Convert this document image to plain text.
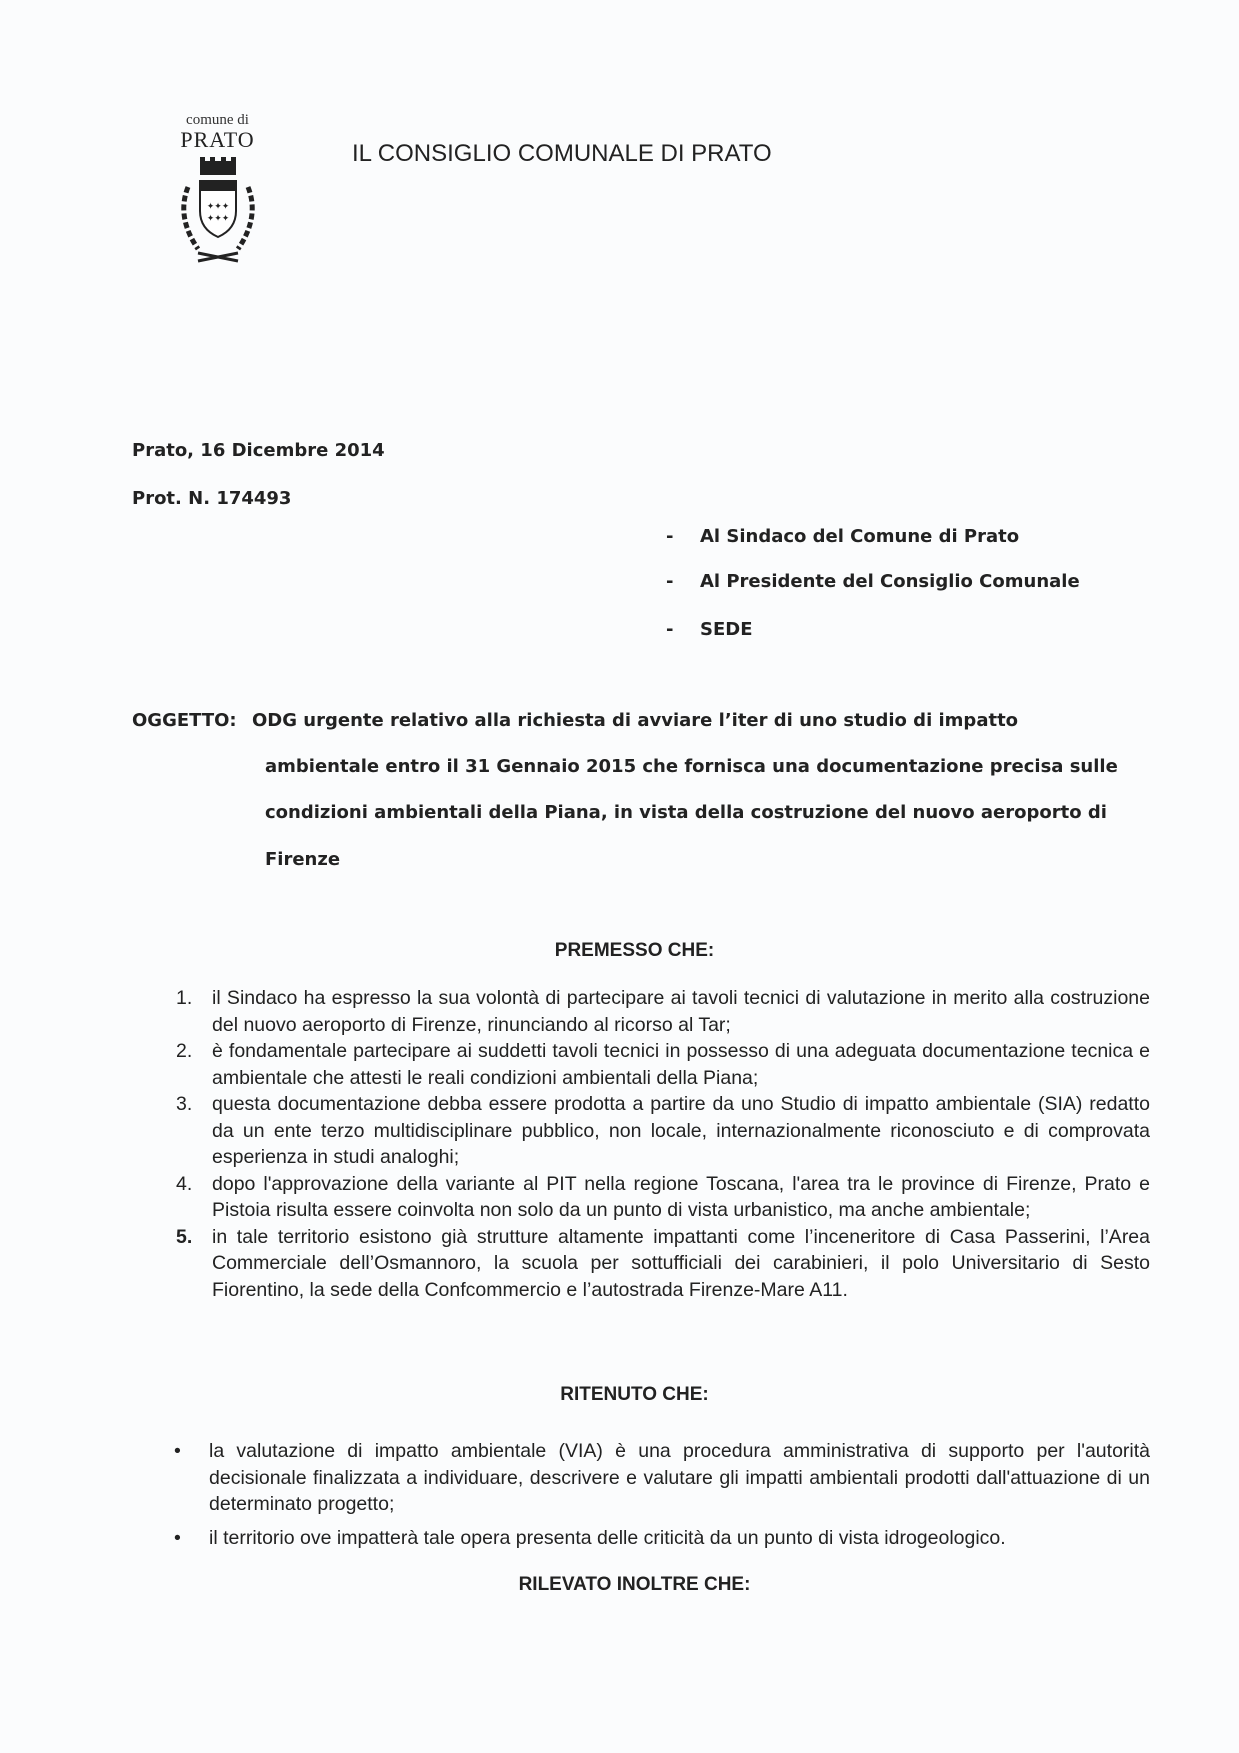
comune di
PRATO
✦✦✦
✦✦✦
IL CONSIGLIO COMUNALE DI PRATO
Prato, 16 Dicembre 2014
Prot. N. 174493
- Al Sindaco del Comune di Prato
- Al Presidente del Consiglio Comunale
- SEDE
OGGETTO: ODG urgente relativo alla richiesta di avviare l’iter di uno studio di impatto
ambientale entro il 31 Gennaio 2015 che fornisca una documentazione precisa sulle
condizioni ambientali della Piana, in vista della costruzione del nuovo aeroporto di
Firenze
PREMESSO CHE:
1. il Sindaco ha espresso la sua volontà di partecipare ai tavoli tecnici di valutazione in merito alla costruzione del nuovo aeroporto di Firenze, rinunciando al ricorso al Tar;
2. è fondamentale partecipare ai suddetti tavoli tecnici in possesso di una adeguata documentazione tecnica e ambientale che attesti le reali condizioni ambientali della Piana;
3. questa documentazione debba essere prodotta a partire da uno Studio di impatto ambientale (SIA) redatto da un ente terzo multidisciplinare pubblico, non locale, internazionalmente riconosciuto e di comprovata esperienza in studi analoghi;
4. dopo l'approvazione della variante al PIT nella regione Toscana, l'area tra le province di Firenze, Prato e Pistoia risulta essere coinvolta non solo da un punto di vista urbanistico, ma anche ambientale;
5. in tale territorio esistono già strutture altamente impattanti come l’inceneritore di Casa Passerini, l’Area Commerciale dell’Osmannoro, la scuola per sottufficiali dei carabinieri, il polo Universitario di Sesto Fiorentino, la sede della Confcommercio e l’autostrada Firenze-Mare A11.
RITENUTO CHE:
• la valutazione di impatto ambientale (VIA) è una procedura amministrativa di supporto per l'autorità decisionale finalizzata a individuare, descrivere e valutare gli impatti ambientali prodotti dall'attuazione di un determinato progetto;
• il territorio ove impatterà tale opera presenta delle criticità da un punto di vista idrogeologico.
RILEVATO INOLTRE CHE:
